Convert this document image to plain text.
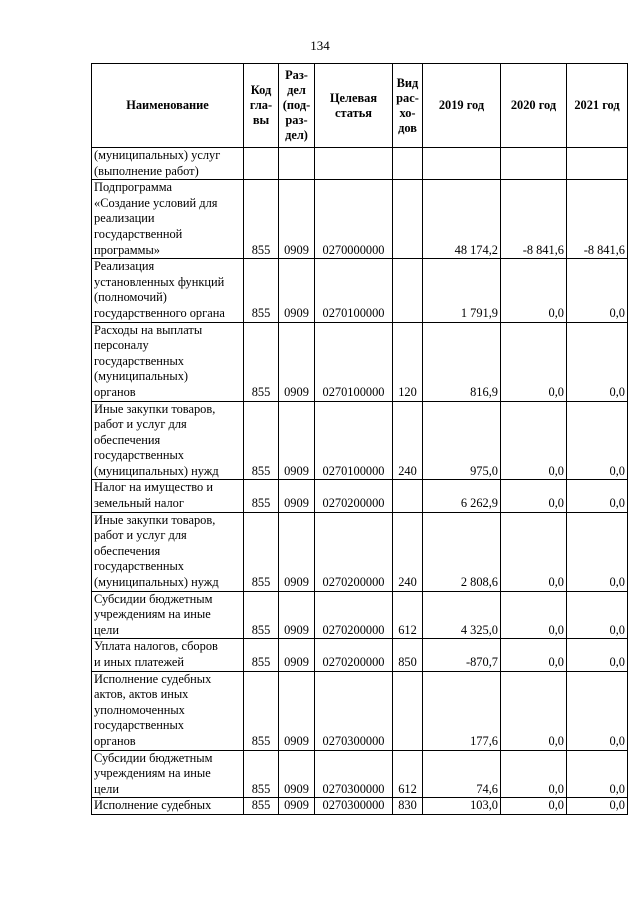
134
Наименование	Код
гла-
вы	Раз-
дел
(под-
раз-
дел)	Целевая
статья	Вид
рас-
хо-
дов	2019 год	2020 год	2021 год
(муниципальных) услуг
(выполнение работ)							
Подпрограмма
«Создание условий для
реализации
государственной
программы»	855	0909	0270000000		48 174,2	-8 841,6	-8 841,6
Реализация
установленных функций
(полномочий)
государственного органа	855	0909	0270100000		1 791,9	0,0	0,0
Расходы на выплаты
персоналу
государственных
(муниципальных)
органов	855	0909	0270100000	120	816,9	0,0	0,0
Иные закупки товаров,
работ и услуг для
обеспечения
государственных
(муниципальных) нужд	855	0909	0270100000	240	975,0	0,0	0,0
Налог на имущество и
земельный налог	855	0909	0270200000		6 262,9	0,0	0,0
Иные закупки товаров,
работ и услуг для
обеспечения
государственных
(муниципальных) нужд	855	0909	0270200000	240	2 808,6	0,0	0,0
Субсидии бюджетным
учреждениям на иные
цели	855	0909	0270200000	612	4 325,0	0,0	0,0
Уплата налогов, сборов
и иных платежей	855	0909	0270200000	850	-870,7	0,0	0,0
Исполнение судебных
актов, актов иных
уполномоченных
государственных
органов	855	0909	0270300000		177,6	0,0	0,0
Субсидии бюджетным
учреждениям на иные
цели	855	0909	0270300000	612	74,6	0,0	0,0
Исполнение судебных	855	0909	0270300000	830	103,0	0,0	0,0
